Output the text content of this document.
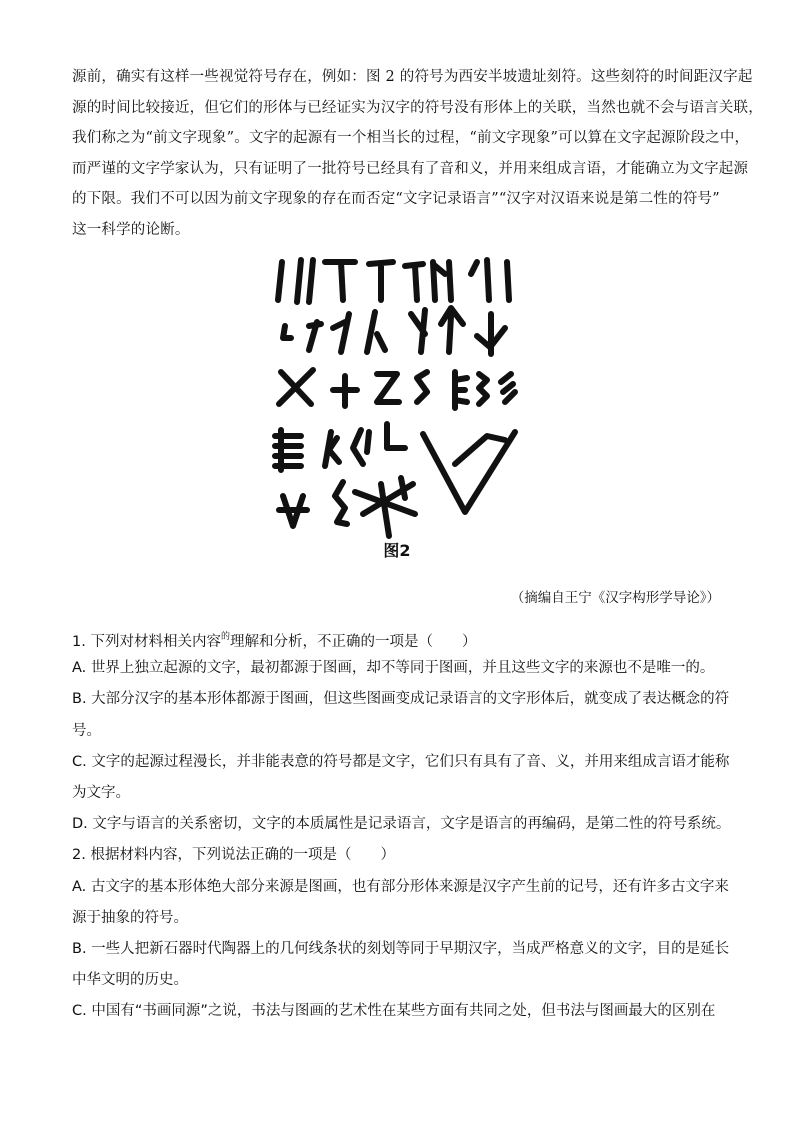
源前，确实有这样一些视觉符号存在，例如：图 2 的符号为西安半坡遗址刻符。这些刻符的时间距汉字起
源的时间比较接近，但它们的形体与已经证实为汉字的符号没有形体上的关联，当然也就不会与语言关联，
我们称之为“前文字现象”。文字的起源有一个相当长的过程，“前文字现象”可以算在文字起源阶段之中，
而严谨的文字学家认为，只有证明了一批符号已经具有了音和义，并用来组成言语，才能确立为文字起源
的下限。我们不可以因为前文字现象的存在而否定“文字记录语言”“汉字对汉语来说是第二性的符号”
这一科学的论断。
图2
（摘编自王宁《汉字构形学导论》）
1. 下列对材料相关内容$^的$理解和分析，不正确的一项是（　　）
A. 世界上独立起源的文字，最初都源于图画，却不等同于图画，并且这些文字的来源也不是唯一的。
B. 大部分汉字的基本形体都源于图画，但这些图画变成记录语言的文字形体后，就变成了表达概念的符
号。
C. 文字的起源过程漫长，并非能表意的符号都是文字，它们只有具有了音、义，并用来组成言语才能称
为文字。
D. 文字与语言的关系密切，文字的本质属性是记录语言，文字是语言的再编码，是第二性的符号系统。
2. 根据材料内容，下列说法正确的一项是（　　）
A. 古文字的基本形体绝大部分来源是图画，也有部分形体来源是汉字产生前的记号，还有许多古文字来
源于抽象的符号。
B. 一些人把新石器时代陶器上的几何线条状的刻划等同于早期汉字，当成严格意义的文字，目的是延长
中华文明的历史。
C. 中国有“书画同源”之说，书法与图画的艺术性在某些方面有共同之处，但书法与图画最大的区别在
